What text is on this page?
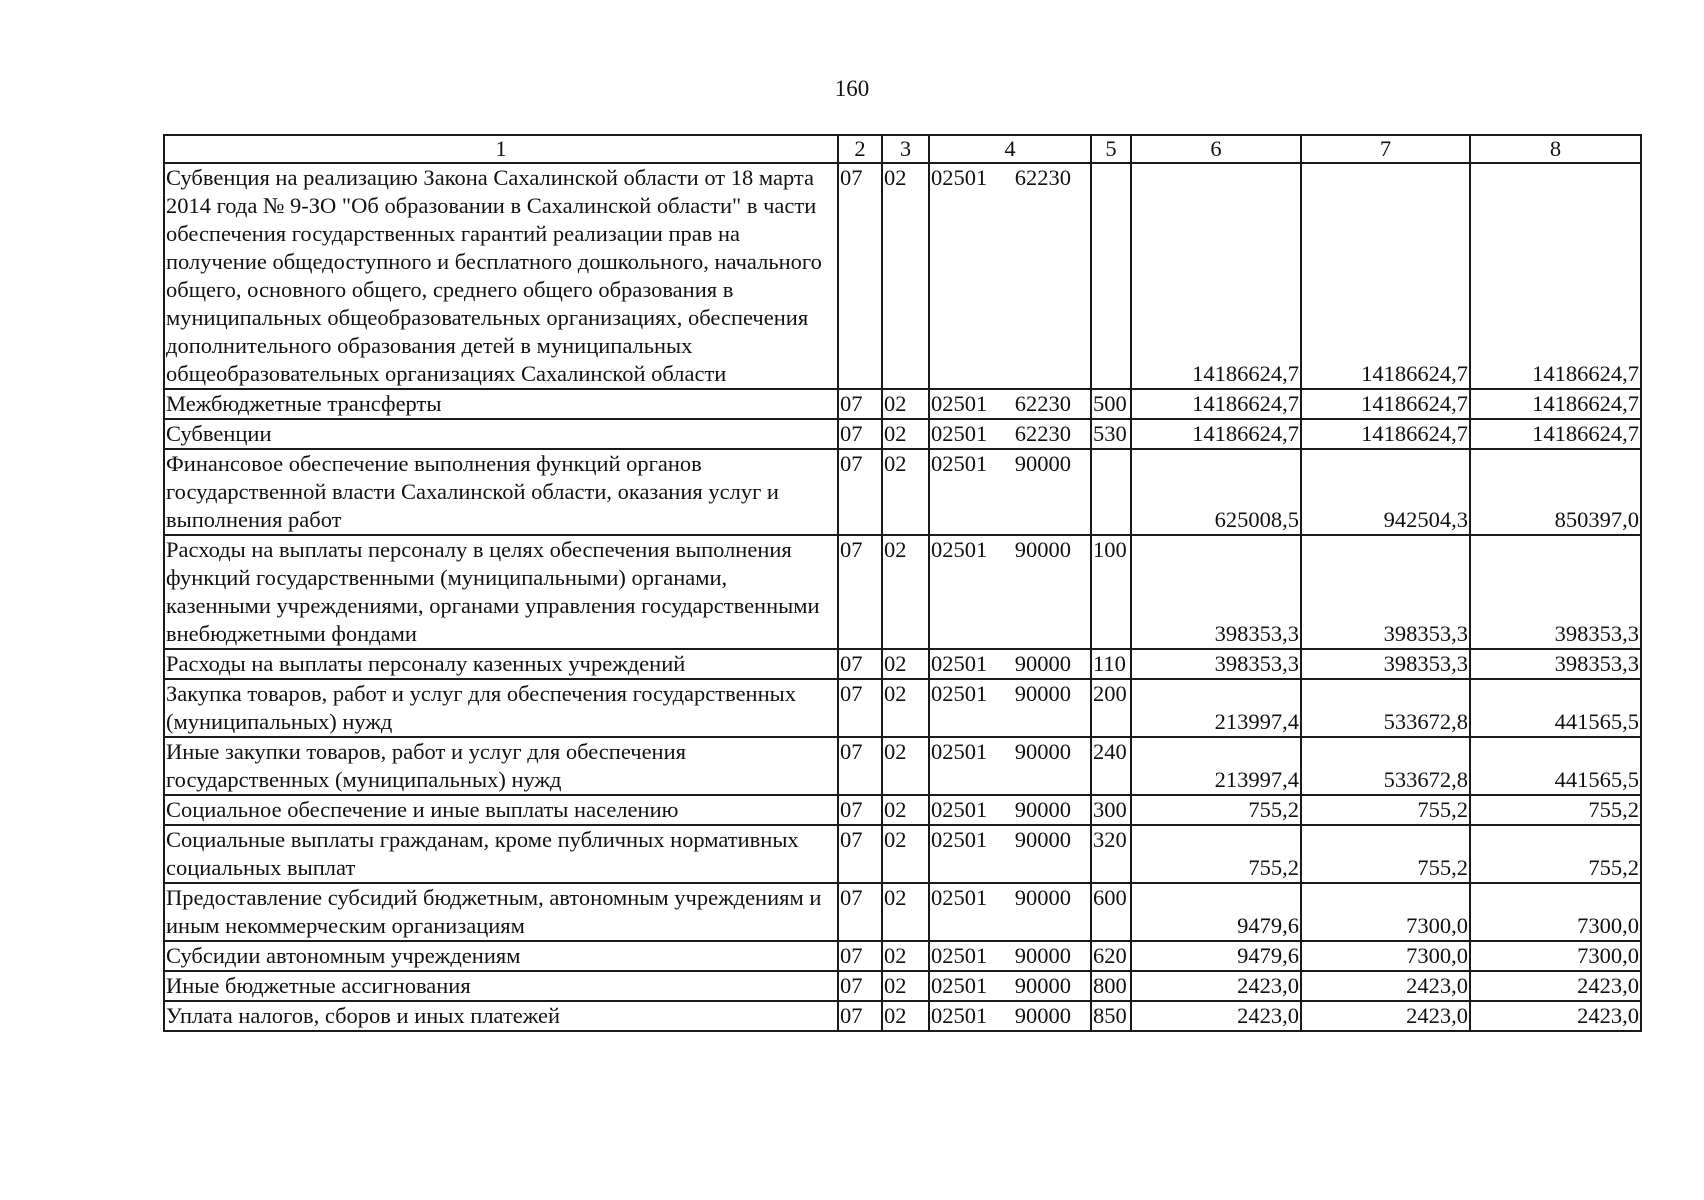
160
1	2	3	4	5	6	7	8
Субвенция на реализацию Закона Сахалинской области от 18 марта 2014 года № 9-ЗО "Об образовании в Сахалинской области" в части обеспечения государственных гарантий реализации прав на получение общедоступного и бесплатного дошкольного, начального общего, основного общего, среднего общего образования в муниципальных общеобразовательных организациях, обеспечения дополнительного образования детей в муниципальных общеобразовательных организациях Сахалинской области	07	02	02501 62230		14186624,7	14186624,7	14186624,7
Межбюджетные трансферты	07	02	02501 62230	500	14186624,7	14186624,7	14186624,7
Субвенции	07	02	02501 62230	530	14186624,7	14186624,7	14186624,7
Финансовое обеспечение выполнения функций органов государственной власти Сахалинской области, оказания услуг и выполнения работ	07	02	02501 90000		625008,5	942504,3	850397,0
Расходы на выплаты персоналу в целях обеспечения выполнения функций государственными (муниципальными) органами, казенными учреждениями, органами управления государственными внебюджетными фондами	07	02	02501 90000	100	398353,3	398353,3	398353,3
Расходы на выплаты персоналу казенных учреждений	07	02	02501 90000	110	398353,3	398353,3	398353,3
Закупка товаров, работ и услуг для обеспечения государственных (муниципальных) нужд	07	02	02501 90000	200	213997,4	533672,8	441565,5
Иные закупки товаров, работ и услуг для обеспечения государственных (муниципальных) нужд	07	02	02501 90000	240	213997,4	533672,8	441565,5
Социальное обеспечение и иные выплаты населению	07	02	02501 90000	300	755,2	755,2	755,2
Социальные выплаты гражданам, кроме публичных нормативных социальных выплат	07	02	02501 90000	320	755,2	755,2	755,2
Предоставление субсидий бюджетным, автономным учреждениям и иным некоммерческим организациям	07	02	02501 90000	600	9479,6	7300,0	7300,0
Субсидии автономным учреждениям	07	02	02501 90000	620	9479,6	7300,0	7300,0
Иные бюджетные ассигнования	07	02	02501 90000	800	2423,0	2423,0	2423,0
Уплата налогов, сборов и иных платежей	07	02	02501 90000	850	2423,0	2423,0	2423,0
